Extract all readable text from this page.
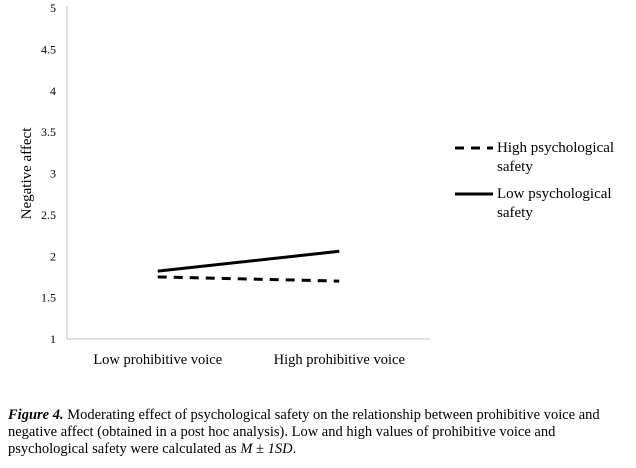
1
1.5
2
2.5
3
3.5
4
4.5
5
Low prohibitive voice	High prohibitive voice
Negative affect	High psychological
safety
Low psychological
safety
Figure 4. Moderating effect of psychological safety on the relationship between prohibitive voice and negative affect (obtained in a post hoc analysis). Low and high values of prohibitive voice and psychological safety were calculated as M ± 1SD.
